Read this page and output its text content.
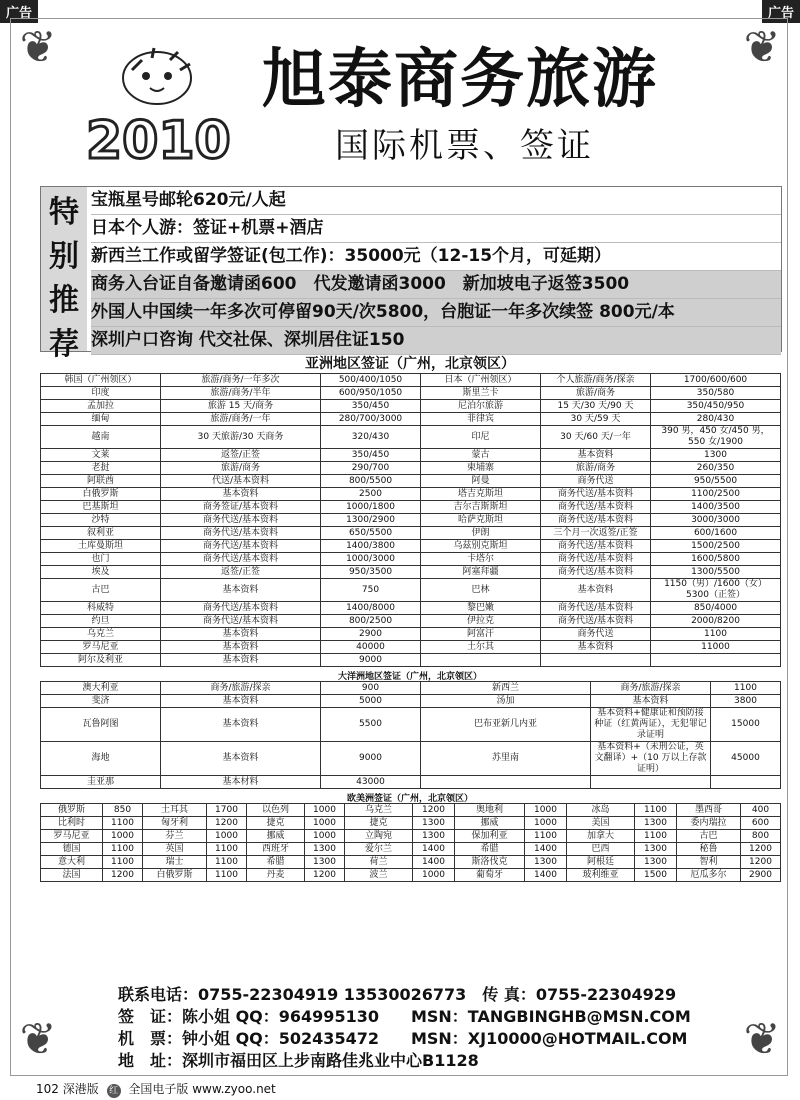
广告	广告
❦	❦
❦	❦
2010
旭泰商务旅游
国际机票、签证
特
别
推
荐
宝瓶星号邮轮620元/人起
日本个人游：签证+机票+酒店
新西兰工作或留学签证(包工作)：35000元（12-15个月，可延期）
商务入台证自备邀请函600　代发邀请函3000　新加坡电子返签3500
外国人中国续一年多次可停留90天/次5800，台胞证一年多次续签 800元/本
深圳户口咨询 代交社保、深圳居住证150
亚洲地区签证（广州，北京领区）
韩国（广州领区）	旅游/商务/一年多次	500/400/1050	日本（广州领区）	个人旅游/商务/探亲	1700/600/600
印度	旅游/商务/半年	600/950/1050	斯里兰卡	旅游/商务	350/580
孟加拉	旅游 15 天/商务	350/450	尼泊尔旅游	15 天/30 天/90 天	350/450/950
缅甸	旅游/商务/一年	280/700/3000	菲律宾	30 天/59 天	280/430
越南	30 天旅游/30 天商务	320/430	印尼	30 天/60 天/一年	390 男，450 女/450 男，550 女/1900
文莱	返签/正签	350/450	蒙古	基本资料	1300
老挝	旅游/商务	290/700	柬埔寨	旅游/商务	260/350
阿联酋	代送/基本资料	800/5500	阿曼	商务代送	950/5500
白俄罗斯	基本资料	2500	塔吉克斯坦	商务代送/基本资料	1100/2500
巴基斯坦	商务签证/基本资料	1000/1800	吉尔吉斯斯坦	商务代送/基本资料	1400/3500
沙特	商务代送/基本资料	1300/2900	哈萨克斯坦	商务代送/基本资料	3000/3000
叙利亚	商务代送/基本资料	650/5500	伊朗	三个月一次返签/正签	600/1600
土库曼斯坦	商务代送/基本资料	1400/3800	乌兹别克斯坦	商务代送/基本资料	1500/2500
也门	商务代送/基本资料	1000/3000	卡塔尔	商务代送/基本资料	1600/5800
埃及	返签/正签	950/3500	阿塞拜疆	商务代送/基本资料	1300/5500
古巴	基本资料	750	巴林	基本资料	1150（男）/1600（女）5300（正签）
科威特	商务代送/基本资料	1400/8000	黎巴嫩	商务代送/基本资料	850/4000
约旦	商务代送/基本资料	800/2500	伊拉克	商务代送/基本资料	2000/8200
乌克兰	基本资料	2900	阿富汗	商务代送	1100
罗马尼亚	基本资料	40000	土尔其	基本资料	11000
阿尔及利亚	基本资料	9000			
大洋洲地区签证（广州，北京领区）
澳大利亚	商务/旅游/探亲	900	新西兰	商务/旅游/探亲	1100
斐济	基本资料	5000	汤加	基本资料	3800
瓦鲁阿图	基本资料	5500	巴布亚新几内亚	基本资料+健康证和预防接种证（红黄两证），无犯罪记录证明	15000
海地	基本资料	9000	苏里南	基本资料+（未刑公证，英文翻译）+（10 万以上存款证明）	45000
圭亚那	基本材料	43000			
欧美洲签证（广州，北京领区）
俄罗斯	850	土耳其	1700	以色列	1000	乌克兰	1200	奥地利	1000	冰岛	1100	墨西哥	400
比利时	1100	匈牙利	1200	捷克	1000	捷克	1300	挪威	1000	美国	1300	委内瑞拉	600
罗马尼亚	1000	芬兰	1000	挪威	1000	立陶宛	1300	保加利亚	1100	加拿大	1100	古巴	800
德国	1100	英国	1100	西班牙	1300	爱尔兰	1400	希腊	1400	巴西	1300	秘鲁	1200
意大利	1100	瑞士	1100	希腊	1300	荷兰	1400	斯洛伐克	1300	阿根廷	1300	智利	1200
法国	1200	白俄罗斯	1100	丹麦	1200	波兰	1000	葡萄牙	1400	玻利维亚	1500	厄瓜多尔	2900
联系电话：0755-22304919 13530026773　传 真：0755-22304929
签　证：陈小姐 QQ：964995130　　MSN：TANGBINGHB@MSN.COM
机　票：钟小姐 QQ：502435472　　MSN：XJ10000@HOTMAIL.COM
地　址：深圳市福田区上步南路佳兆业中心B1128
102 深港版 红 全国电子版 www.zyoo.net
